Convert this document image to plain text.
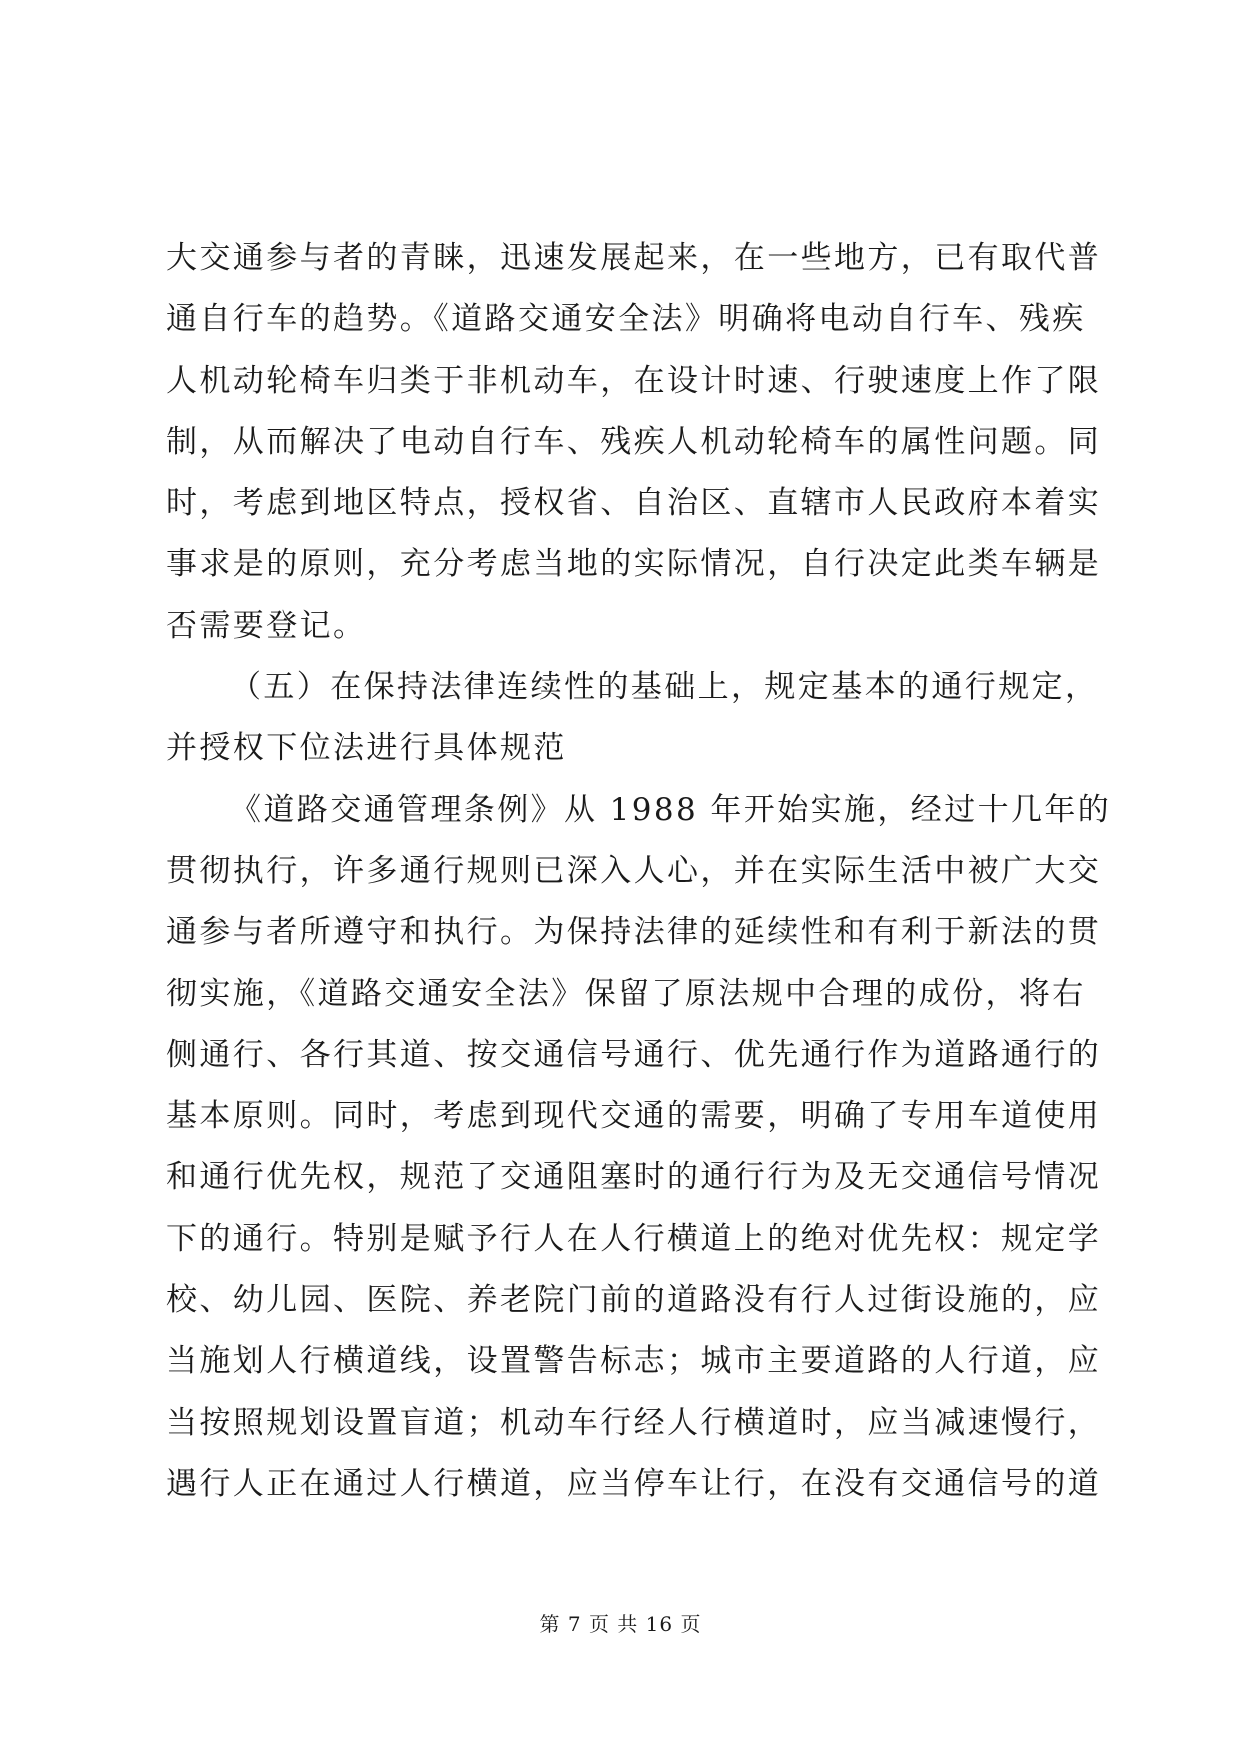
大交通参与者的青睐，迅速发展起来，在一些地方，已有取代普
通自行车的趋势。《道路交通安全法》明确将电动自行车、残疾
人机动轮椅车归类于非机动车，在设计时速、行驶速度上作了限
制，从而解决了电动自行车、残疾人机动轮椅车的属性问题。同
时，考虑到地区特点，授权省、自治区、直辖市人民政府本着实
事求是的原则，充分考虑当地的实际情况，自行决定此类车辆是
否需要登记。
（五）在保持法律连续性的基础上，规定基本的通行规定，
并授权下位法进行具体规范
《道路交通管理条例》从 1988 年开始实施，经过十几年的
贯彻执行，许多通行规则已深入人心，并在实际生活中被广大交
通参与者所遵守和执行。为保持法律的延续性和有利于新法的贯
彻实施，《道路交通安全法》保留了原法规中合理的成份，将右
侧通行、各行其道、按交通信号通行、优先通行作为道路通行的
基本原则。同时，考虑到现代交通的需要，明确了专用车道使用
和通行优先权，规范了交通阻塞时的通行行为及无交通信号情况
下的通行。特别是赋予行人在人行横道上的绝对优先权：规定学
校、幼儿园、医院、养老院门前的道路没有行人过街设施的，应
当施划人行横道线，设置警告标志；城市主要道路的人行道，应
当按照规划设置盲道；机动车行经人行横道时，应当减速慢行，
遇行人正在通过人行横道，应当停车让行，在没有交通信号的道
第 7 页 共 16 页
